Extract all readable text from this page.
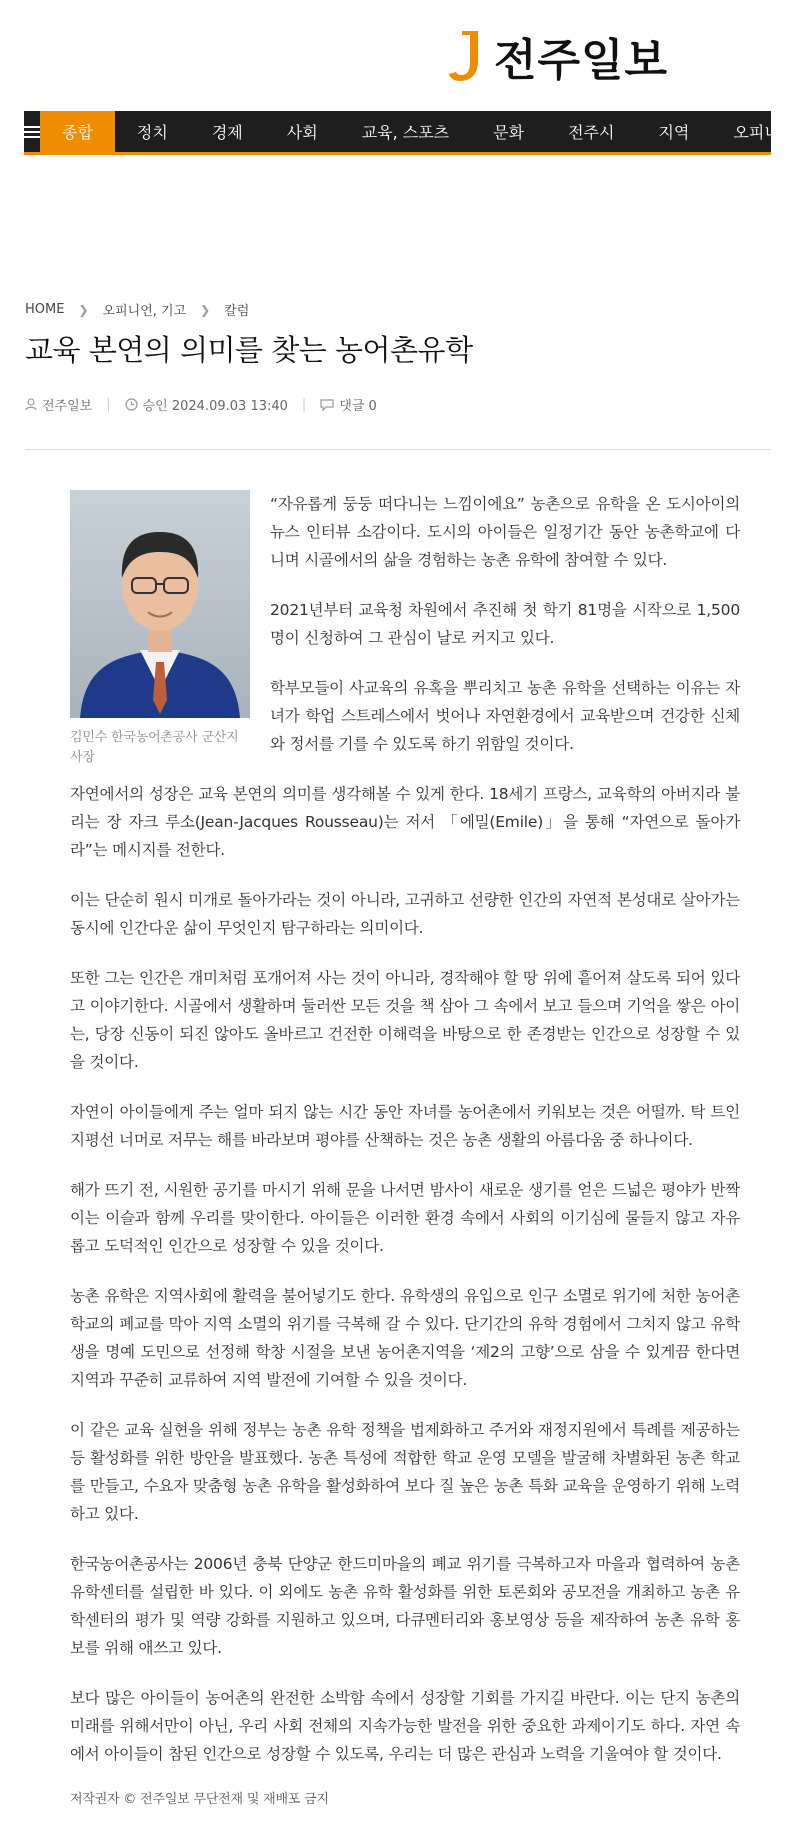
전주일보
종합	정치	경제	사회	교육, 스포츠	문화	전주시	지역	오피니
HOME ❯ 오피니언, 기고 ❯ 칼럼
교육 본연의 의미를 찾는 농어촌유학
전주일보 | 승인 2024.09.03 13:40 |	댓글 0
김민수 한국농어촌공사 군산지사장

“자유롭게 둥둥 떠다니는 느낌이에요” 농촌으로 유학을 온 도시아이의 뉴스 인터뷰 소감이다. 도시의 아이들은 일정기간 동안 농촌학교에 다니며 시골에서의 삶을 경험하는 농촌 유학에 참여할 수 있다.

2021년부터 교육청 차원에서 추진해 첫 학기 81명을 시작으로 1,500명이 신청하여 그 관심이 날로 커지고 있다.

학부모들이 사교육의 유혹을 뿌리치고 농촌 유학을 선택하는 이유는 자녀가 학업 스트레스에서 벗어나 자연환경에서 교육받으며 건강한 신체와 정서를 기를 수 있도록 하기 위함일 것이다.

자연에서의 성장은 교육 본연의 의미를 생각해볼 수 있게 한다. 18세기 프랑스, 교육학의 아버지라 불리는 장 자크 루소(Jean-Jacques Rousseau)는 저서 「에밀(Emile)」을 통해 “자연으로 돌아가라”는 메시지를 전한다.

이는 단순히 원시 미개로 돌아가라는 것이 아니라, 고귀하고 선량한 인간의 자연적 본성대로 살아가는 동시에 인간다운 삶이 무엇인지 탐구하라는 의미이다.

또한 그는 인간은 개미처럼 포개어져 사는 것이 아니라, 경작해야 할 땅 위에 흩어져 살도록 되어 있다고 이야기한다. 시골에서 생활하며 둘러싼 모든 것을 책 삼아 그 속에서 보고 들으며 기억을 쌓은 아이는, 당장 신동이 되진 않아도 올바르고 건전한 이해력을 바탕으로 한 존경받는 인간으로 성장할 수 있을 것이다.

자연이 아이들에게 주는 얼마 되지 않는 시간 동안 자녀를 농어촌에서 키워보는 것은 어떨까. 탁 트인 지평선 너머로 저무는 해를 바라보며 평야를 산책하는 것은 농촌 생활의 아름다움 중 하나이다.

해가 뜨기 전, 시원한 공기를 마시기 위해 문을 나서면 밤사이 새로운 생기를 얻은 드넓은 평야가 반짝이는 이슬과 함께 우리를 맞이한다. 아이들은 이러한 환경 속에서 사회의 이기심에 물들지 않고 자유롭고 도덕적인 인간으로 성장할 수 있을 것이다.

농촌 유학은 지역사회에 활력을 불어넣기도 한다. 유학생의 유입으로 인구 소멸로 위기에 처한 농어촌 학교의 폐교를 막아 지역 소멸의 위기를 극복해 갈 수 있다. 단기간의 유학 경험에서 그치지 않고 유학생을 명예 도민으로 선정해 학창 시절을 보낸 농어촌지역을 ‘제2의 고향’으로 삼을 수 있게끔 한다면 지역과 꾸준히 교류하여 지역 발전에 기여할 수 있을 것이다.

이 같은 교육 실현을 위해 정부는 농촌 유학 정책을 법제화하고 주거와 재정지원에서 특례를 제공하는 등 활성화를 위한 방안을 발표했다. 농촌 특성에 적합한 학교 운영 모델을 발굴해 차별화된 농촌 학교를 만들고, 수요자 맞춤형 농촌 유학을 활성화하여 보다 질 높은 농촌 특화 교육을 운영하기 위해 노력하고 있다.

한국농어촌공사는 2006년 충북 단양군 한드미마을의 폐교 위기를 극복하고자 마을과 협력하여 농촌 유학센터를 설립한 바 있다. 이 외에도 농촌 유학 활성화를 위한 토론회와 공모전을 개최하고 농촌 유학센터의 평가 및 역량 강화를 지원하고 있으며, 다큐멘터리와 홍보영상 등을 제작하여 농촌 유학 홍보를 위해 애쓰고 있다.

보다 많은 아이들이 농어촌의 완전한 소박함 속에서 성장할 기회를 가지길 바란다. 이는 단지 농촌의 미래를 위해서만이 아닌, 우리 사회 전체의 지속가능한 발전을 위한 중요한 과제이기도 하다. 자연 속에서 아이들이 참된 인간으로 성장할 수 있도록, 우리는 더 많은 관심과 노력을 기울여야 할 것이다.

저작권자 © 전주일보 무단전재 및 재배포 금지
